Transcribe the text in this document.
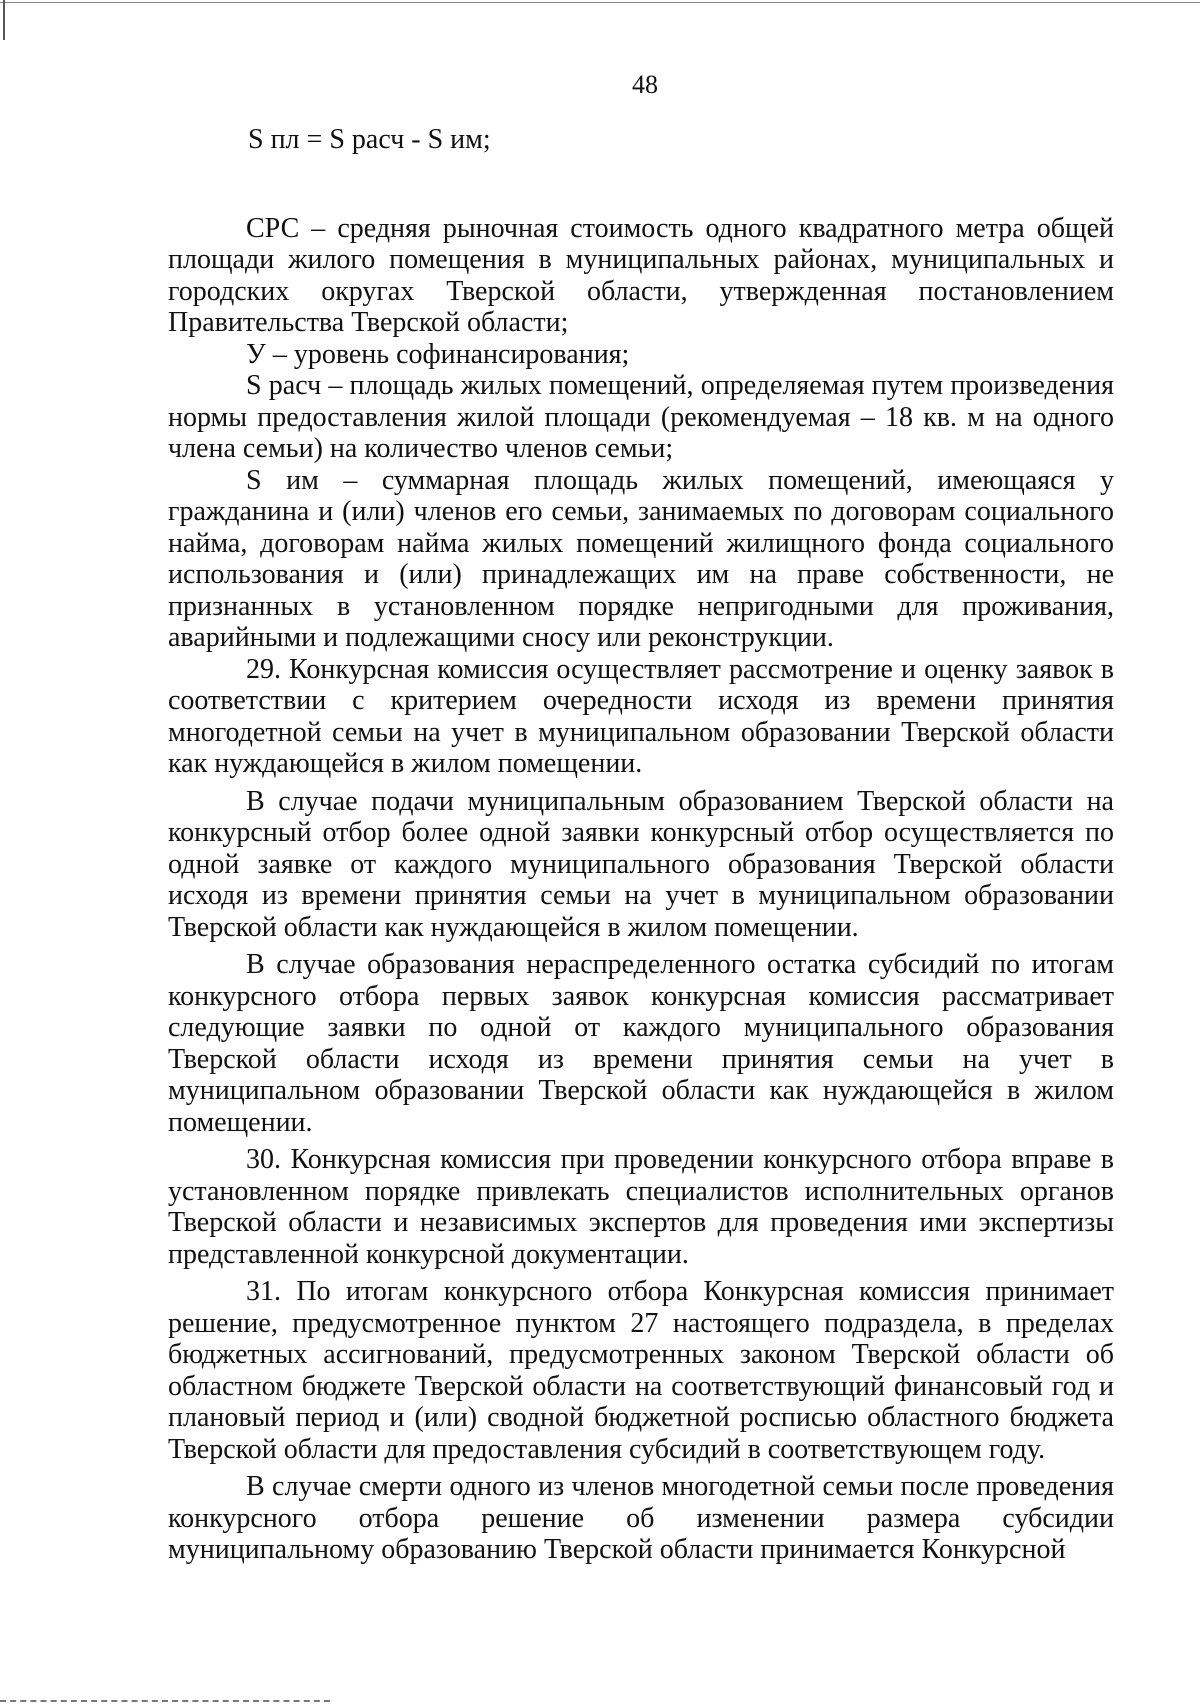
48
S пл = S расч - S им;

СРС – средняя рыночная стоимость одного квадратного метра общей площади жилого помещения в муниципальных районах, муниципальных и городских округах Тверской области, утвержденная постановлением Правительства Тверской области;

У – уровень софинансирования;

S расч – площадь жилых помещений, определяемая путем произведения нормы предоставления жилой площади (рекомендуемая – 18 кв. м на одного члена семьи) на количество членов семьи;

S им – суммарная площадь жилых помещений, имеющаяся у гражданина и (или) членов его семьи, занимаемых по договорам социального найма, договорам найма жилых помещений жилищного фонда социального использования и (или) принадлежащих им на праве собственности, не признанных в установленном порядке непригодными для проживания, аварийными и подлежащими сносу или реконструкции.

29. Конкурсная комиссия осуществляет рассмотрение и оценку заявок в соответствии с критерием очередности исходя из времени принятия многодетной семьи на учет в муниципальном образовании Тверской области как нуждающейся в жилом помещении.

В случае подачи муниципальным образованием Тверской области на конкурсный отбор более одной заявки конкурсный отбор осуществляется по одной заявке от каждого муниципального образования Тверской области исходя из времени принятия семьи на учет в муниципальном образовании Тверской области как нуждающейся в жилом помещении.

В случае образования нераспределенного остатка субсидий по итогам конкурсного отбора первых заявок конкурсная комиссия рассматривает следующие заявки по одной от каждого муниципального образования Тверской области исходя из времени принятия семьи на учет в муниципальном образовании Тверской области как нуждающейся в жилом помещении.

30. Конкурсная комиссия при проведении конкурсного отбора вправе в установленном порядке привлекать специалистов исполнительных органов Тверской области и независимых экспертов для проведения ими экспертизы представленной конкурсной документации.

31. По итогам конкурсного отбора Конкурсная комиссия принимает решение, предусмотренное пунктом 27 настоящего подраздела, в пределах бюджетных ассигнований, предусмотренных законом Тверской области об областном бюджете Тверской области на соответствующий финансовый год и плановый период и (или) сводной бюджетной росписью областного бюджета Тверской области для предоставления субсидий в соответствующем году.

В случае смерти одного из членов многодетной семьи после проведения конкурсного отбора решение об изменении размера субсидии муниципальному образованию Тверской области принимается Конкурсной
